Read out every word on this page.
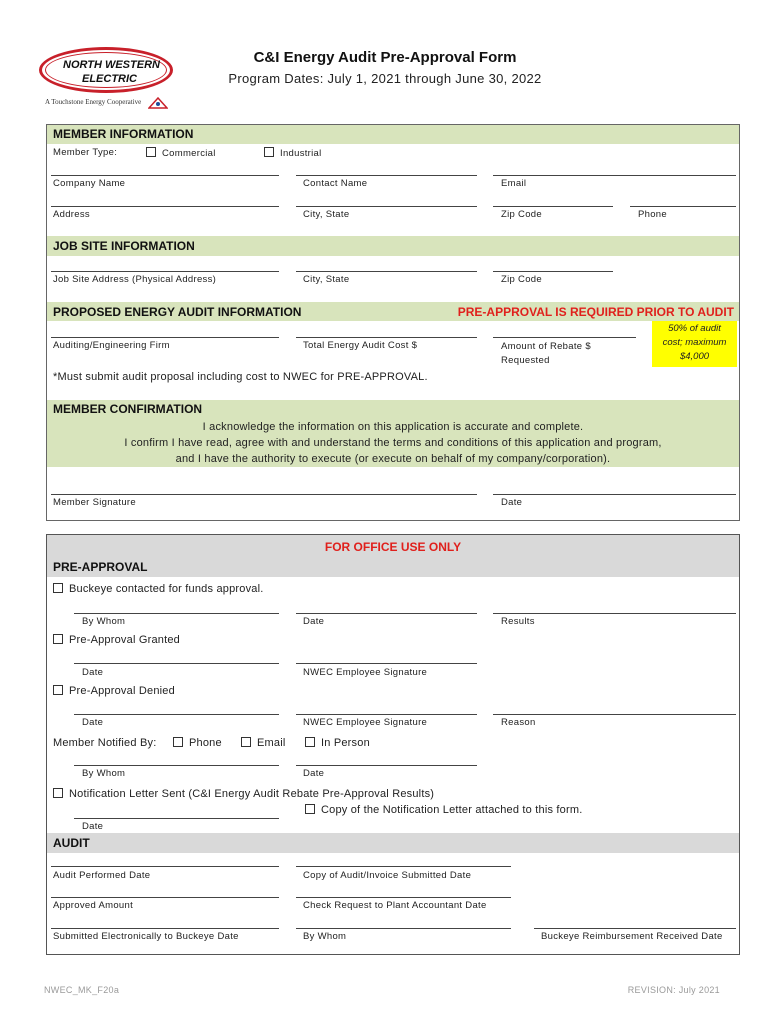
NORTH WESTERN
ELECTRIC
A Touchstone Energy Cooperative
C&I Energy Audit Pre-Approval Form
Program Dates: July 1, 2021 through June 30, 2022
MEMBER INFORMATION
Member Type:	Commercial	Industrial
Company Name	Contact Name	Email
Address	City, State	Zip Code	Phone
JOB SITE INFORMATION
Job Site Address (Physical Address)	City, State	Zip Code
PROPOSED ENERGY AUDIT INFORMATION	PRE-APPROVAL IS REQUIRED PRIOR TO AUDIT
Auditing/Engineering Firm	Total Energy Audit Cost $	Amount of Rebate $
Requested
50% of audit
cost; maximum
$4,000
*Must submit audit proposal including cost to NWEC for PRE-APPROVAL.
MEMBER CONFIRMATION
I acknowledge the information on this application is accurate and complete.
I confirm I have read, agree with and understand the terms and conditions of this application and program,
and I have the authority to execute (or execute on behalf of my company/corporation).
Member Signature	Date
FOR OFFICE USE ONLY
PRE-APPROVAL
Buckeye contacted for funds approval.
By Whom	Date	Results
Pre-Approval Granted
Date	NWEC Employee Signature
Pre-Approval Denied
Date	NWEC Employee Signature	Reason
Member Notified By:	Phone	Email	In Person
By Whom	Date
Notification Letter Sent (C&I Energy Audit Rebate Pre-Approval Results)
Copy of the Notification Letter attached to this form.
Date
AUDIT
Audit Performed Date	Copy of Audit/Invoice Submitted Date
Approved Amount	Check Request to Plant Accountant Date
Submitted Electronically to Buckeye Date	By Whom	Buckeye Reimbursement Received Date
NWEC_MK_F20a	REVISION: July 2021
